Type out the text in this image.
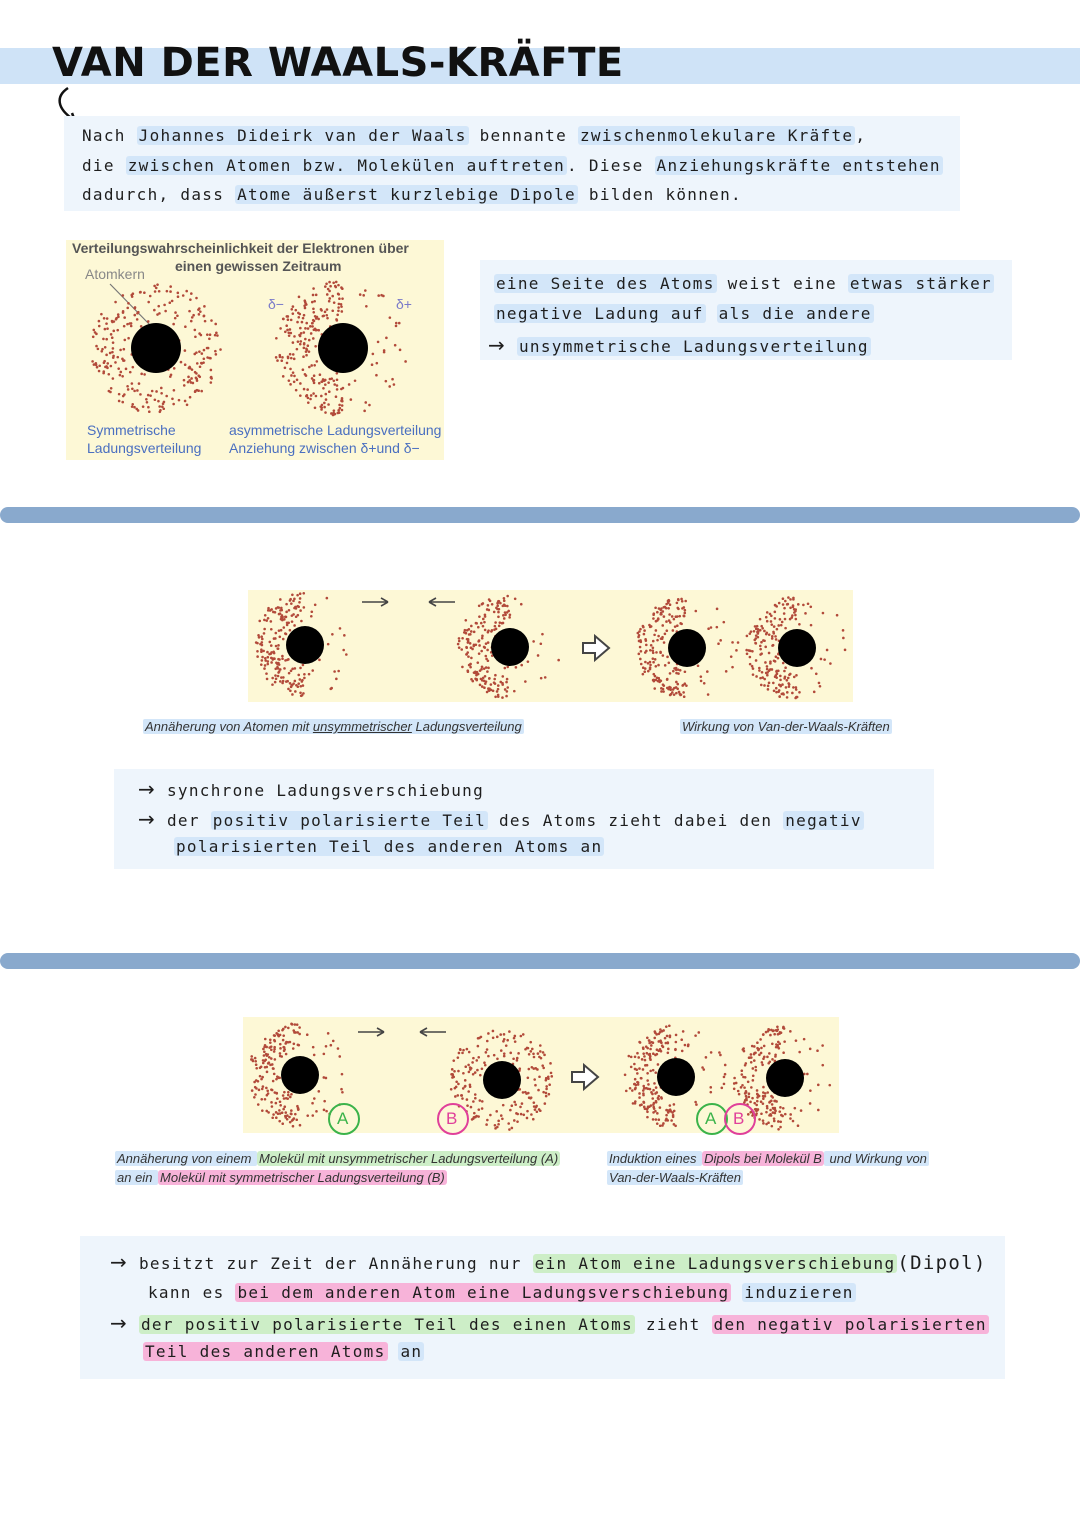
VAN DER WAALS-KRÄFTE
Nach Johannes Dideirk van der Waals bennante zwischenmolekulare Kräfte ,
die zwischen Atomen bzw. Molekülen auftreten . Diese Anziehungskräfte entstehen
dadurch, dass Atome äußerst kurzlebige Dipole bilden können.
Verteilungswahrscheinlichkeit der Elektronen über
einen gewissen Zeitraum
Atomkern
δ−	δ+
Symmetrische
Ladungsverteilung
asymmetrische Ladungsverteilung
Anziehung zwischen δ+und δ−
eine Seite des Atoms weist eine etwas stärker
negative Ladung auf als die andere
→ unsymmetrische Ladungsverteilung
Annäherung von Atomen mit unsymmetrischer Ladungsverteilung	Wirkung von Van-der-Waals-Kräften
→ synchrone Ladungsverschiebung
→ der positiv polarisierte Teil des Atoms zieht dabei den negativ
polarisierten Teil des anderen Atoms an
A	B	A B
Annäherung von einem Molekül mit unsymmetrischer Ladungsverteilung (A)
an ein Molekül mit symmetrischer Ladungsverteilung (B)
Induktion eines Dipols bei Molekül B und Wirkung von
Van-der-Waals-Kräften
→ besitzt zur Zeit der Annäherung nur ein Atom eine Ladungsverschiebung (Dipol)
kann es bei dem anderen Atom eine Ladungsverschiebung induzieren
→ der positiv polarisierte Teil des einen Atoms zieht den negativ polarisierten
Teil des anderen Atoms an
